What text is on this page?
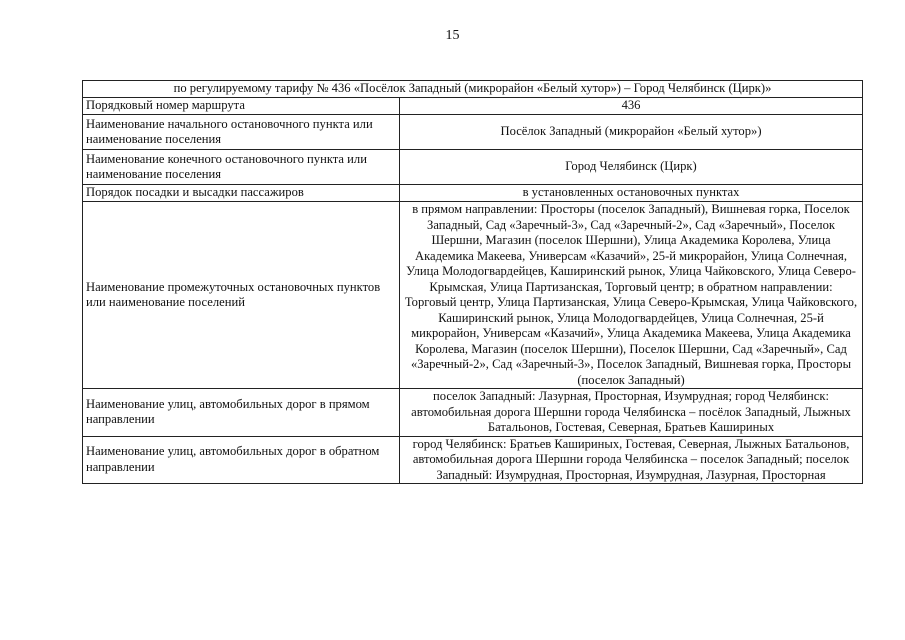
15
по регулируемому тарифу № 436 «Посёлок Западный (микрорайон «Белый хутор») – Город Челябинск (Цирк)»	
Порядковый номер маршрута	436
Наименование начального остановочного пункта или наименование поселения	Посёлок Западный (микрорайон «Белый хутор»)
Наименование конечного остановочного пункта или наименование поселения	Город Челябинск (Цирк)
Порядок посадки и высадки пассажиров	в установленных остановочных пунктах
Наименование промежуточных остановочных пунктов или наименование поселений	в прямом направлении: Просторы (поселок Западный), Вишневая горка, Поселок Западный, Сад «Заречный-3», Сад «Заречный-2», Сад «Заречный», Поселок Шершни, Магазин (поселок Шершни), Улица Академика Королева, Улица Академика Макеева, Универсам «Казачий», 25-й микрорайон, Улица Солнечная, Улица Молодогвардейцев, Каширинский рынок, Улица Чайковского, Улица Северо-Крымская, Улица Партизанская, Торговый центр; в обратном направлении: Торговый центр, Улица Партизанская, Улица Северо-Крымская, Улица Чайковского, Каширинский рынок, Улица Молодогвардейцев, Улица Солнечная, 25-й микрорайон, Универсам «Казачий», Улица Академика Макеева, Улица Академика Королева, Магазин (поселок Шершни), Поселок Шершни, Сад «Заречный», Сад «Заречный-2», Сад «Заречный-3», Поселок Западный, Вишневая горка, Просторы (поселок Западный)
Наименование улиц, автомобильных дорог в прямом направлении	поселок Западный: Лазурная, Просторная, Изумрудная; город Челябинск: автомобильная дорога Шершни города Челябинска – посёлок Западный, Лыжных Батальонов, Гостевая, Северная, Братьев Кашириных
Наименование улиц, автомобильных дорог в обратном направлении	город Челябинск: Братьев Кашириных, Гостевая, Северная, Лыжных Батальонов, автомобильная дорога Шершни города Челябинска – поселок Западный; поселок Западный: Изумрудная, Просторная, Изумрудная, Лазурная, Просторная
